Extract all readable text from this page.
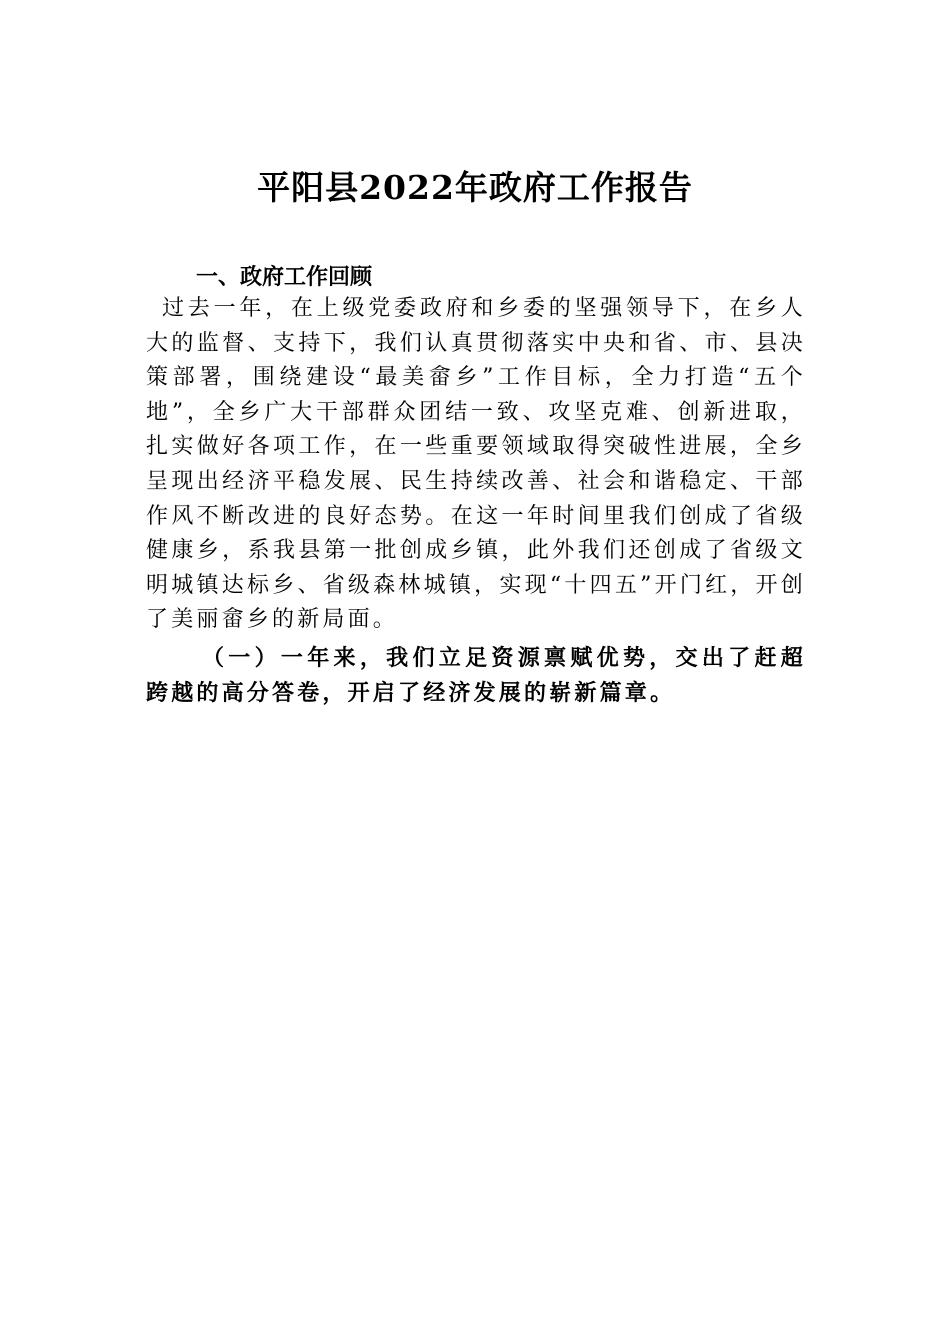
平阳县2022年政府工作报告
一、政府工作回顾

过去一年，在上级党委政府和乡委的坚强领导下，在乡人大的监督、支持下，我们认真贯彻落实中央和省、市、县决策部署，围绕建设“最美畲乡”工作目标，全力打造“五个地”，全乡广大干部群众团结一致、攻坚克难、创新进取，扎实做好各项工作，在一些重要领域取得突破性进展，全乡呈现出经济平稳发展、民生持续改善、社会和谐稳定、干部作风不断改进的良好态势。在这一年时间里我们创成了省级健康乡，系我县第一批创成乡镇，此外我们还创成了省级文明城镇达标乡、省级森林城镇，实现“十四五”开门红，开创了美丽畲乡的新局面。

（一）一年来，我们立足资源禀赋优势，交出了赶超跨越的高分答卷，开启了经济发展的崭新篇章。
